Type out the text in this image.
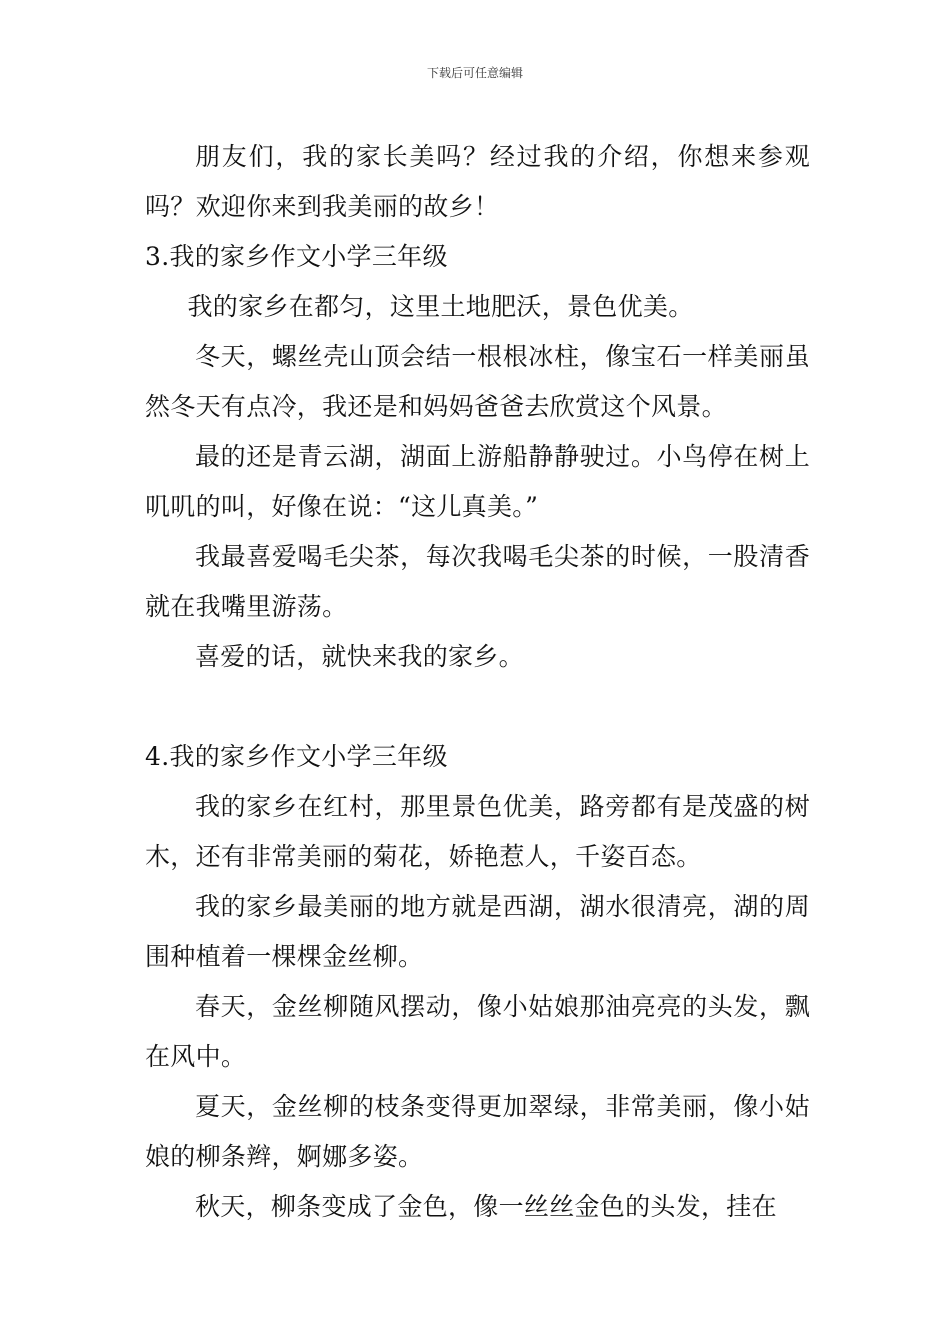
下载后可任意编辑

朋友们，我的家长美吗？经过我的介绍，你想来参观吗？欢迎你来到我美丽的故乡！

3.我的家乡作文小学三年级

我的家乡在都匀，这里土地肥沃，景色优美。

冬天，螺丝壳山顶会结一根根冰柱，像宝石一样美丽虽然冬天有点冷，我还是和妈妈爸爸去欣赏这个风景。

最的还是青云湖，湖面上游船静静驶过。小鸟停在树上叽叽的叫，好像在说：“这儿真美。”

我最喜爱喝毛尖茶，每次我喝毛尖茶的时候，一股清香就在我嘴里游荡。

喜爱的话，就快来我的家乡。

4.我的家乡作文小学三年级

我的家乡在红村，那里景色优美，路旁都有是茂盛的树木，还有非常美丽的菊花，娇艳惹人，千姿百态。

我的家乡最美丽的地方就是西湖，湖水很清亮，湖的周围种植着一棵棵金丝柳。

春天，金丝柳随风摆动，像小姑娘那油亮亮的头发，飘在风中。

夏天，金丝柳的枝条变得更加翠绿，非常美丽，像小姑娘的柳条辫，婀娜多姿。

秋天，柳条变成了金色，像一丝丝金色的头发，挂在
